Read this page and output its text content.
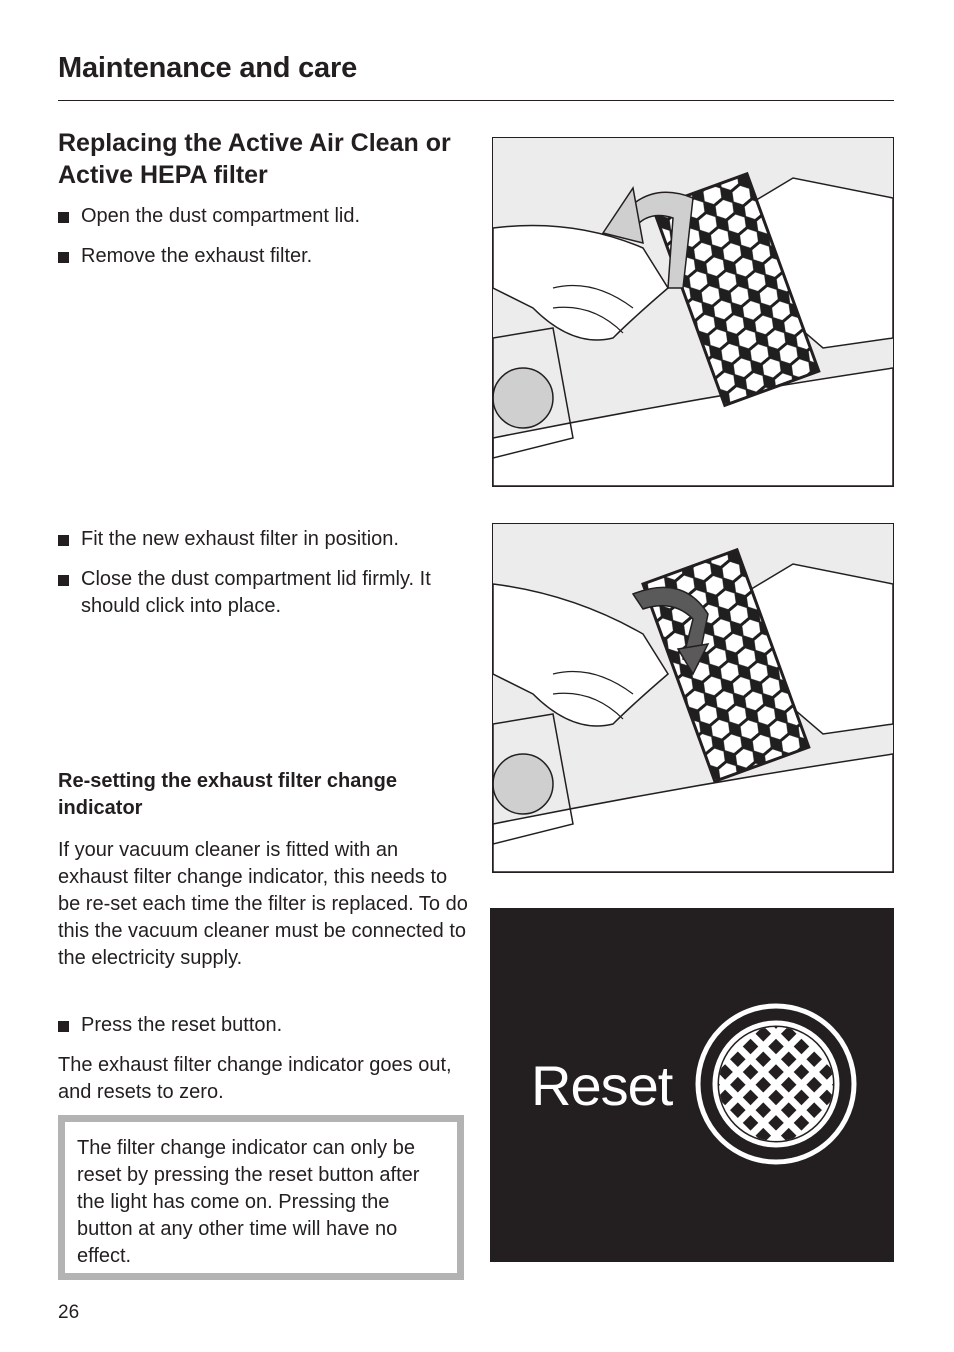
Maintenance and care
Replacing the Active Air Clean or Active HEPA filter
Open the dust compartment lid.
Remove the exhaust filter.
Fit the new exhaust filter in position.
Close the dust compartment lid firmly. It should click into place.
Re-setting the exhaust filter change indicator

If your vacuum cleaner is fitted with an exhaust filter change indicator, this needs to be re-set each time the filter is replaced. To do this the vacuum cleaner must be connected to the electricity supply.

Press the reset button.

The exhaust filter change indicator goes out, and resets to zero.

The filter change indicator can only be reset by pressing the reset button after the light has come on. Pressing the button at any other time will have no effect.
Reset
26
